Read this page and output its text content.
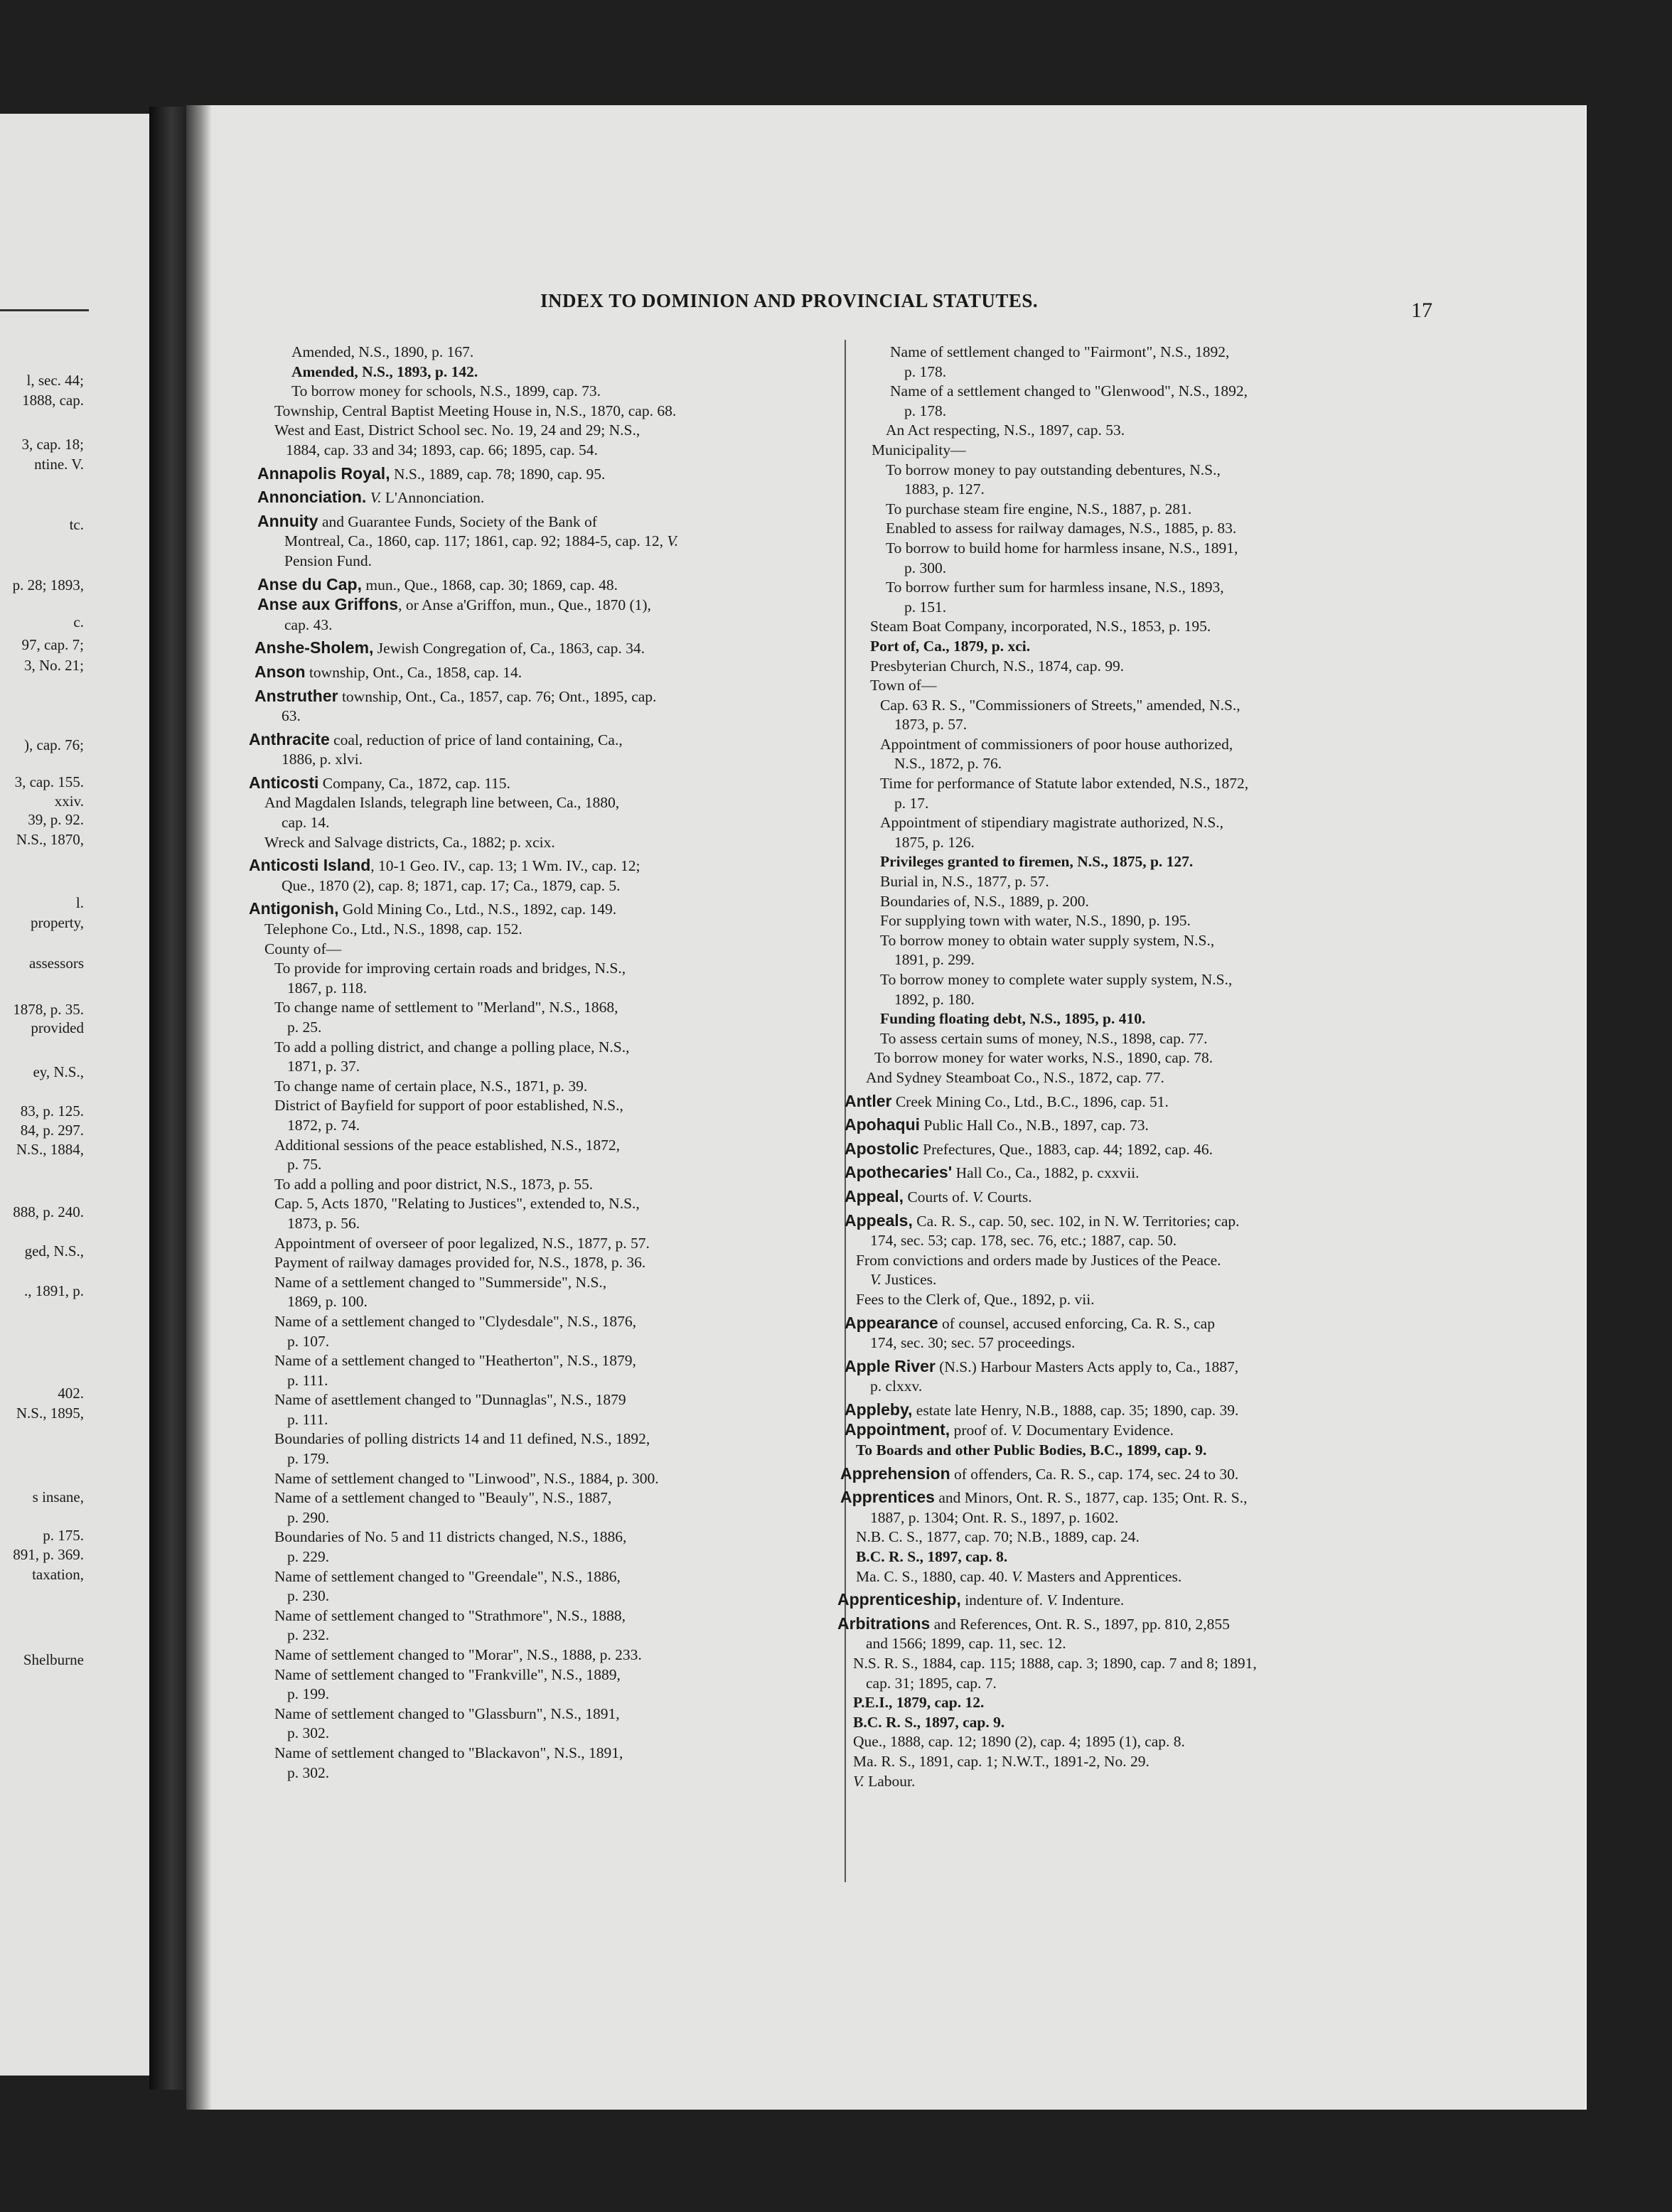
l, sec. 44;
1888, cap.
3, cap. 18;
ntine. V.
tc.
p. 28; 1893,
c.
97, cap. 7;
3, No. 21;
), cap. 76;
3, cap. 155.
xxiv.
39, p. 92.
N.S., 1870,
l.
property,
assessors
1878, p. 35.
provided
ey, N.S.,
83, p. 125.
84, p. 297.
N.S., 1884,
888, p. 240.
ged, N.S.,
., 1891, p.
402.
N.S., 1895,
s insane,
p. 175.
891, p. 369.
taxation,
Shelburne
INDEX TO DOMINION AND PROVINCIAL STATUTES.	17
Amended, N.S., 1890, p. 167.
Amended, N.S., 1893, p. 142.
To borrow money for schools, N.S., 1899, cap. 73.
Township, Central Baptist Meeting House in, N.S., 1870, cap. 68.
West and East, District School sec. No. 19, 24 and 29; N.S.,
1884, cap. 33 and 34; 1893, cap. 66; 1895, cap. 54.
Annapolis Royal, N.S., 1889, cap. 78; 1890, cap. 95.
Annonciation. V. L'Annonciation.
Annuity and Guarantee Funds, Society of the Bank of
Montreal, Ca., 1860, cap. 117; 1861, cap. 92; 1884-5, cap. 12, V.
Pension Fund.
Anse du Cap, mun., Que., 1868, cap. 30; 1869, cap. 48.
Anse aux Griffons, or Anse a'Griffon, mun., Que., 1870 (1),
cap. 43.
Anshe-Sholem, Jewish Congregation of, Ca., 1863, cap. 34.
Anson township, Ont., Ca., 1858, cap. 14.
Anstruther township, Ont., Ca., 1857, cap. 76; Ont., 1895, cap.
63.
Anthracite coal, reduction of price of land containing, Ca.,
1886, p. xlvi.
Anticosti Company, Ca., 1872, cap. 115.
And Magdalen Islands, telegraph line between, Ca., 1880,
cap. 14.
Wreck and Salvage districts, Ca., 1882; p. xcix.
Anticosti Island, 10-1 Geo. IV., cap. 13; 1 Wm. IV., cap. 12;
Que., 1870 (2), cap. 8; 1871, cap. 17; Ca., 1879, cap. 5.
Antigonish, Gold Mining Co., Ltd., N.S., 1892, cap. 149.
Telephone Co., Ltd., N.S., 1898, cap. 152.
County of—
To provide for improving certain roads and bridges, N.S.,
1867, p. 118.
To change name of settlement to "Merland", N.S., 1868,
p. 25.
To add a polling district, and change a polling place, N.S.,
1871, p. 37.
To change name of certain place, N.S., 1871, p. 39.
District of Bayfield for support of poor established, N.S.,
1872, p. 74.
Additional sessions of the peace established, N.S., 1872,
p. 75.
To add a polling and poor district, N.S., 1873, p. 55.
Cap. 5, Acts 1870, "Relating to Justices", extended to, N.S.,
1873, p. 56.
Appointment of overseer of poor legalized, N.S., 1877, p. 57.
Payment of railway damages provided for, N.S., 1878, p. 36.
Name of a settlement changed to "Summerside", N.S.,
1869, p. 100.
Name of a settlement changed to "Clydesdale", N.S., 1876,
p. 107.
Name of a settlement changed to "Heatherton", N.S., 1879,
p. 111.
Name of asettlement changed to "Dunnaglas", N.S., 1879
p. 111.
Boundaries of polling districts 14 and 11 defined, N.S., 1892,
p. 179.
Name of settlement changed to "Linwood", N.S., 1884, p. 300.
Name of a settlement changed to "Beauly", N.S., 1887,
p. 290.
Boundaries of No. 5 and 11 districts changed, N.S., 1886,
p. 229.
Name of settlement changed to "Greendale", N.S., 1886,
p. 230.
Name of settlement changed to "Strathmore", N.S., 1888,
p. 232.
Name of settlement changed to "Morar", N.S., 1888, p. 233.
Name of settlement changed to "Frankville", N.S., 1889,
p. 199.
Name of settlement changed to "Glassburn", N.S., 1891,
p. 302.
Name of settlement changed to "Blackavon", N.S., 1891,
p. 302.
Name of settlement changed to "Fairmont", N.S., 1892,
p. 178.
Name of a settlement changed to "Glenwood", N.S., 1892,
p. 178.
An Act respecting, N.S., 1897, cap. 53.
Municipality—
To borrow money to pay outstanding debentures, N.S.,
1883, p. 127.
To purchase steam fire engine, N.S., 1887, p. 281.
Enabled to assess for railway damages, N.S., 1885, p. 83.
To borrow to build home for harmless insane, N.S., 1891,
p. 300.
To borrow further sum for harmless insane, N.S., 1893,
p. 151.
Steam Boat Company, incorporated, N.S., 1853, p. 195.
Port of, Ca., 1879, p. xci.
Presbyterian Church, N.S., 1874, cap. 99.
Town of—
Cap. 63 R. S., "Commissioners of Streets," amended, N.S.,
1873, p. 57.
Appointment of commissioners of poor house authorized,
N.S., 1872, p. 76.
Time for performance of Statute labor extended, N.S., 1872,
p. 17.
Appointment of stipendiary magistrate authorized, N.S.,
1875, p. 126.
Privileges granted to firemen, N.S., 1875, p. 127.
Burial in, N.S., 1877, p. 57.
Boundaries of, N.S., 1889, p. 200.
For supplying town with water, N.S., 1890, p. 195.
To borrow money to obtain water supply system, N.S.,
1891, p. 299.
To borrow money to complete water supply system, N.S.,
1892, p. 180.
Funding floating debt, N.S., 1895, p. 410.
To assess certain sums of money, N.S., 1898, cap. 77.
To borrow money for water works, N.S., 1890, cap. 78.
And Sydney Steamboat Co., N.S., 1872, cap. 77.
Antler Creek Mining Co., Ltd., B.C., 1896, cap. 51.
Apohaqui Public Hall Co., N.B., 1897, cap. 73.
Apostolic Prefectures, Que., 1883, cap. 44; 1892, cap. 46.
Apothecaries' Hall Co., Ca., 1882, p. cxxvii.
Appeal, Courts of. V. Courts.
Appeals, Ca. R. S., cap. 50, sec. 102, in N. W. Territories; cap.
174, sec. 53; cap. 178, sec. 76, etc.; 1887, cap. 50.
From convictions and orders made by Justices of the Peace.
V. Justices.
Fees to the Clerk of, Que., 1892, p. vii.
Appearance of counsel, accused enforcing, Ca. R. S., cap
174, sec. 30; sec. 57 proceedings.
Apple River (N.S.) Harbour Masters Acts apply to, Ca., 1887,
p. clxxv.
Appleby, estate late Henry, N.B., 1888, cap. 35; 1890, cap. 39.
Appointment, proof of. V. Documentary Evidence.
To Boards and other Public Bodies, B.C., 1899, cap. 9.
Apprehension of offenders, Ca. R. S., cap. 174, sec. 24 to 30.
Apprentices and Minors, Ont. R. S., 1877, cap. 135; Ont. R. S.,
1887, p. 1304; Ont. R. S., 1897, p. 1602.
N.B. C. S., 1877, cap. 70; N.B., 1889, cap. 24.
B.C. R. S., 1897, cap. 8.
Ma. C. S., 1880, cap. 40. V. Masters and Apprentices.
Apprenticeship, indenture of. V. Indenture.
Arbitrations and References, Ont. R. S., 1897, pp. 810, 2,855
and 1566; 1899, cap. 11, sec. 12.
N.S. R. S., 1884, cap. 115; 1888, cap. 3; 1890, cap. 7 and 8; 1891,
cap. 31; 1895, cap. 7.
P.E.I., 1879, cap. 12.
B.C. R. S., 1897, cap. 9.
Que., 1888, cap. 12; 1890 (2), cap. 4; 1895 (1), cap. 8.
Ma. R. S., 1891, cap. 1; N.W.T., 1891-2, No. 29.
V. Labour.
